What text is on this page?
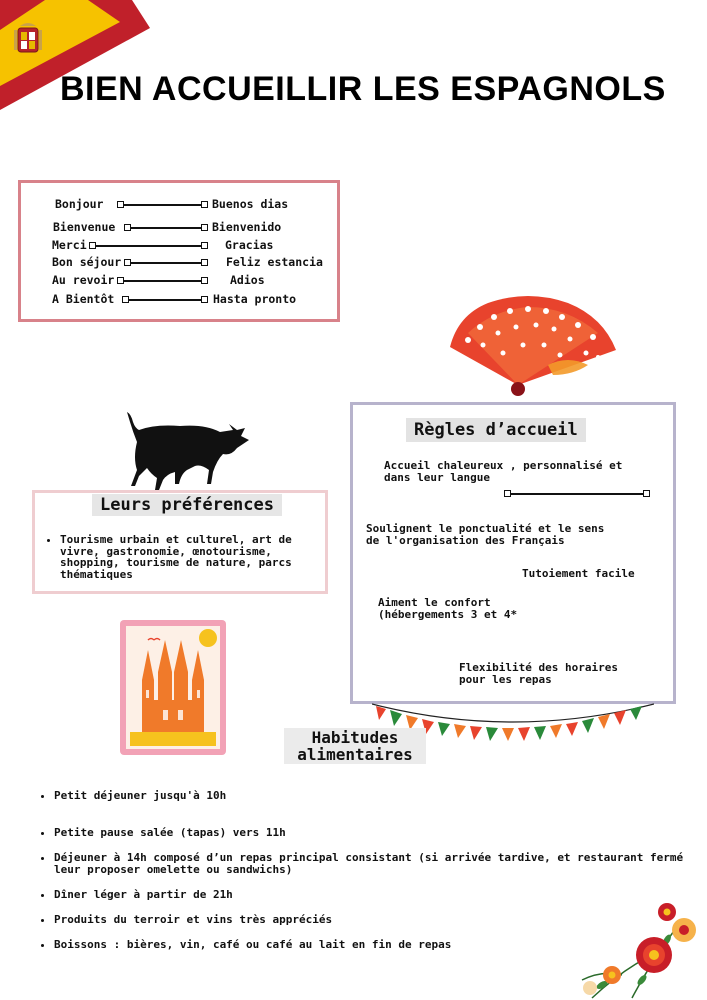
BIEN ACCUEILLIR LES ESPAGNOLS
Bonjour	Buenos dias
Bienvenue	Bienvenido
Merci	Gracias
Bon séjour	Feliz estancia
Au revoir	Adios
A Bientôt	Hasta pronto
Leurs préférences
• Tourisme urbain et culturel, art de vivre, gastronomie, œnotourisme, shopping, tourisme de nature, parcs thématiques
Règles d’accueil
Accueil chaleureux , personnalisé et
dans leur langue
Soulignent le ponctualité et le sens
de l'organisation des Français
Tutoiement facile
Aiment le confort
(hébergements 3 et 4*
Flexibilité des horaires
pour les repas
Habitudes alimentaires
• Petit déjeuner jusqu'à 10h
• Petite pause salée (tapas) vers 11h
• Déjeuner à 14h composé d’un repas principal consistant (si arrivée tardive, et restaurant fermé leur proposer omelette ou sandwichs)
• Dîner léger à partir de 21h
• Produits du terroir et vins très appréciés
• Boissons : bières, vin, café ou café au lait en fin de repas
